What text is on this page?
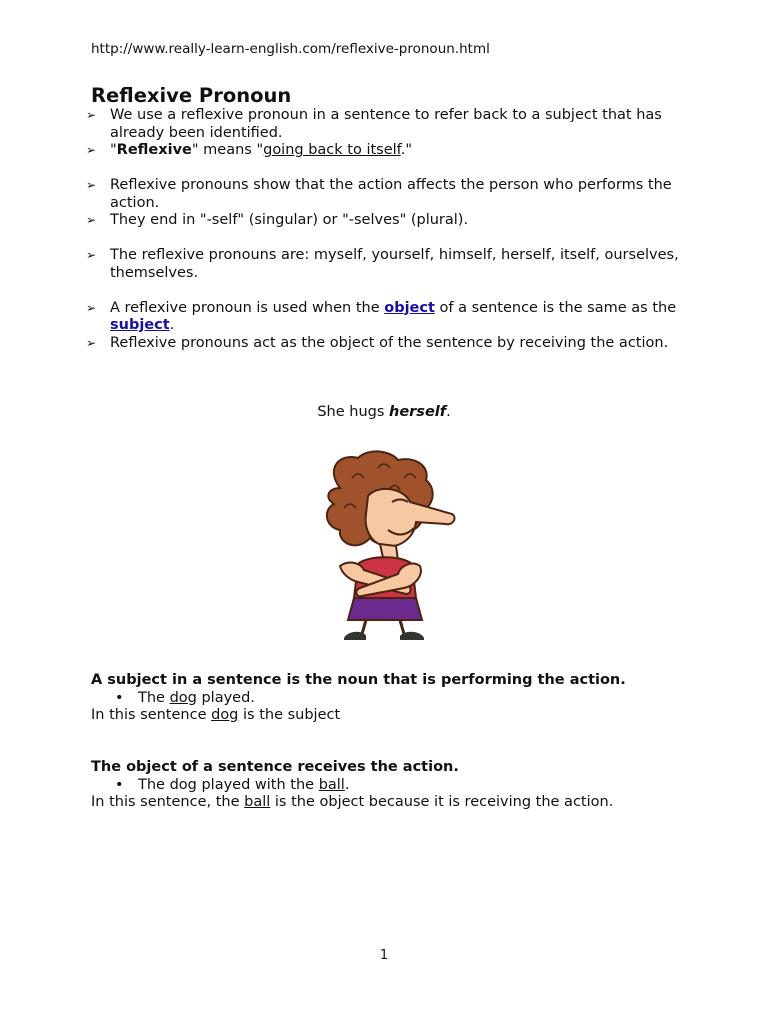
http://www.really-learn-english.com/reflexive-pronoun.html
Reflexive Pronoun
➢ We use a reflexive pronoun in a sentence to refer back to a subject that has already been identified.
➢ "Reflexive" means "going back to itself."
➢ Reflexive pronouns show that the action affects the person who performs the action.
➢ They end in "-self" (singular) or "-selves" (plural).
➢ The reflexive pronouns are: myself, yourself, himself, herself, itself, ourselves, themselves.
➢ A reflexive pronoun is used when the object of a sentence is the same as the subject.
➢ Reflexive pronouns act as the object of the sentence by receiving the action.
She hugs herself.
A subject in a sentence is the noun that is performing the action.
• The dog played.
In this sentence dog is the subject
The object of a sentence receives the action.
• The dog played with the ball.
In this sentence, the ball is the object because it is receiving the action.
1
